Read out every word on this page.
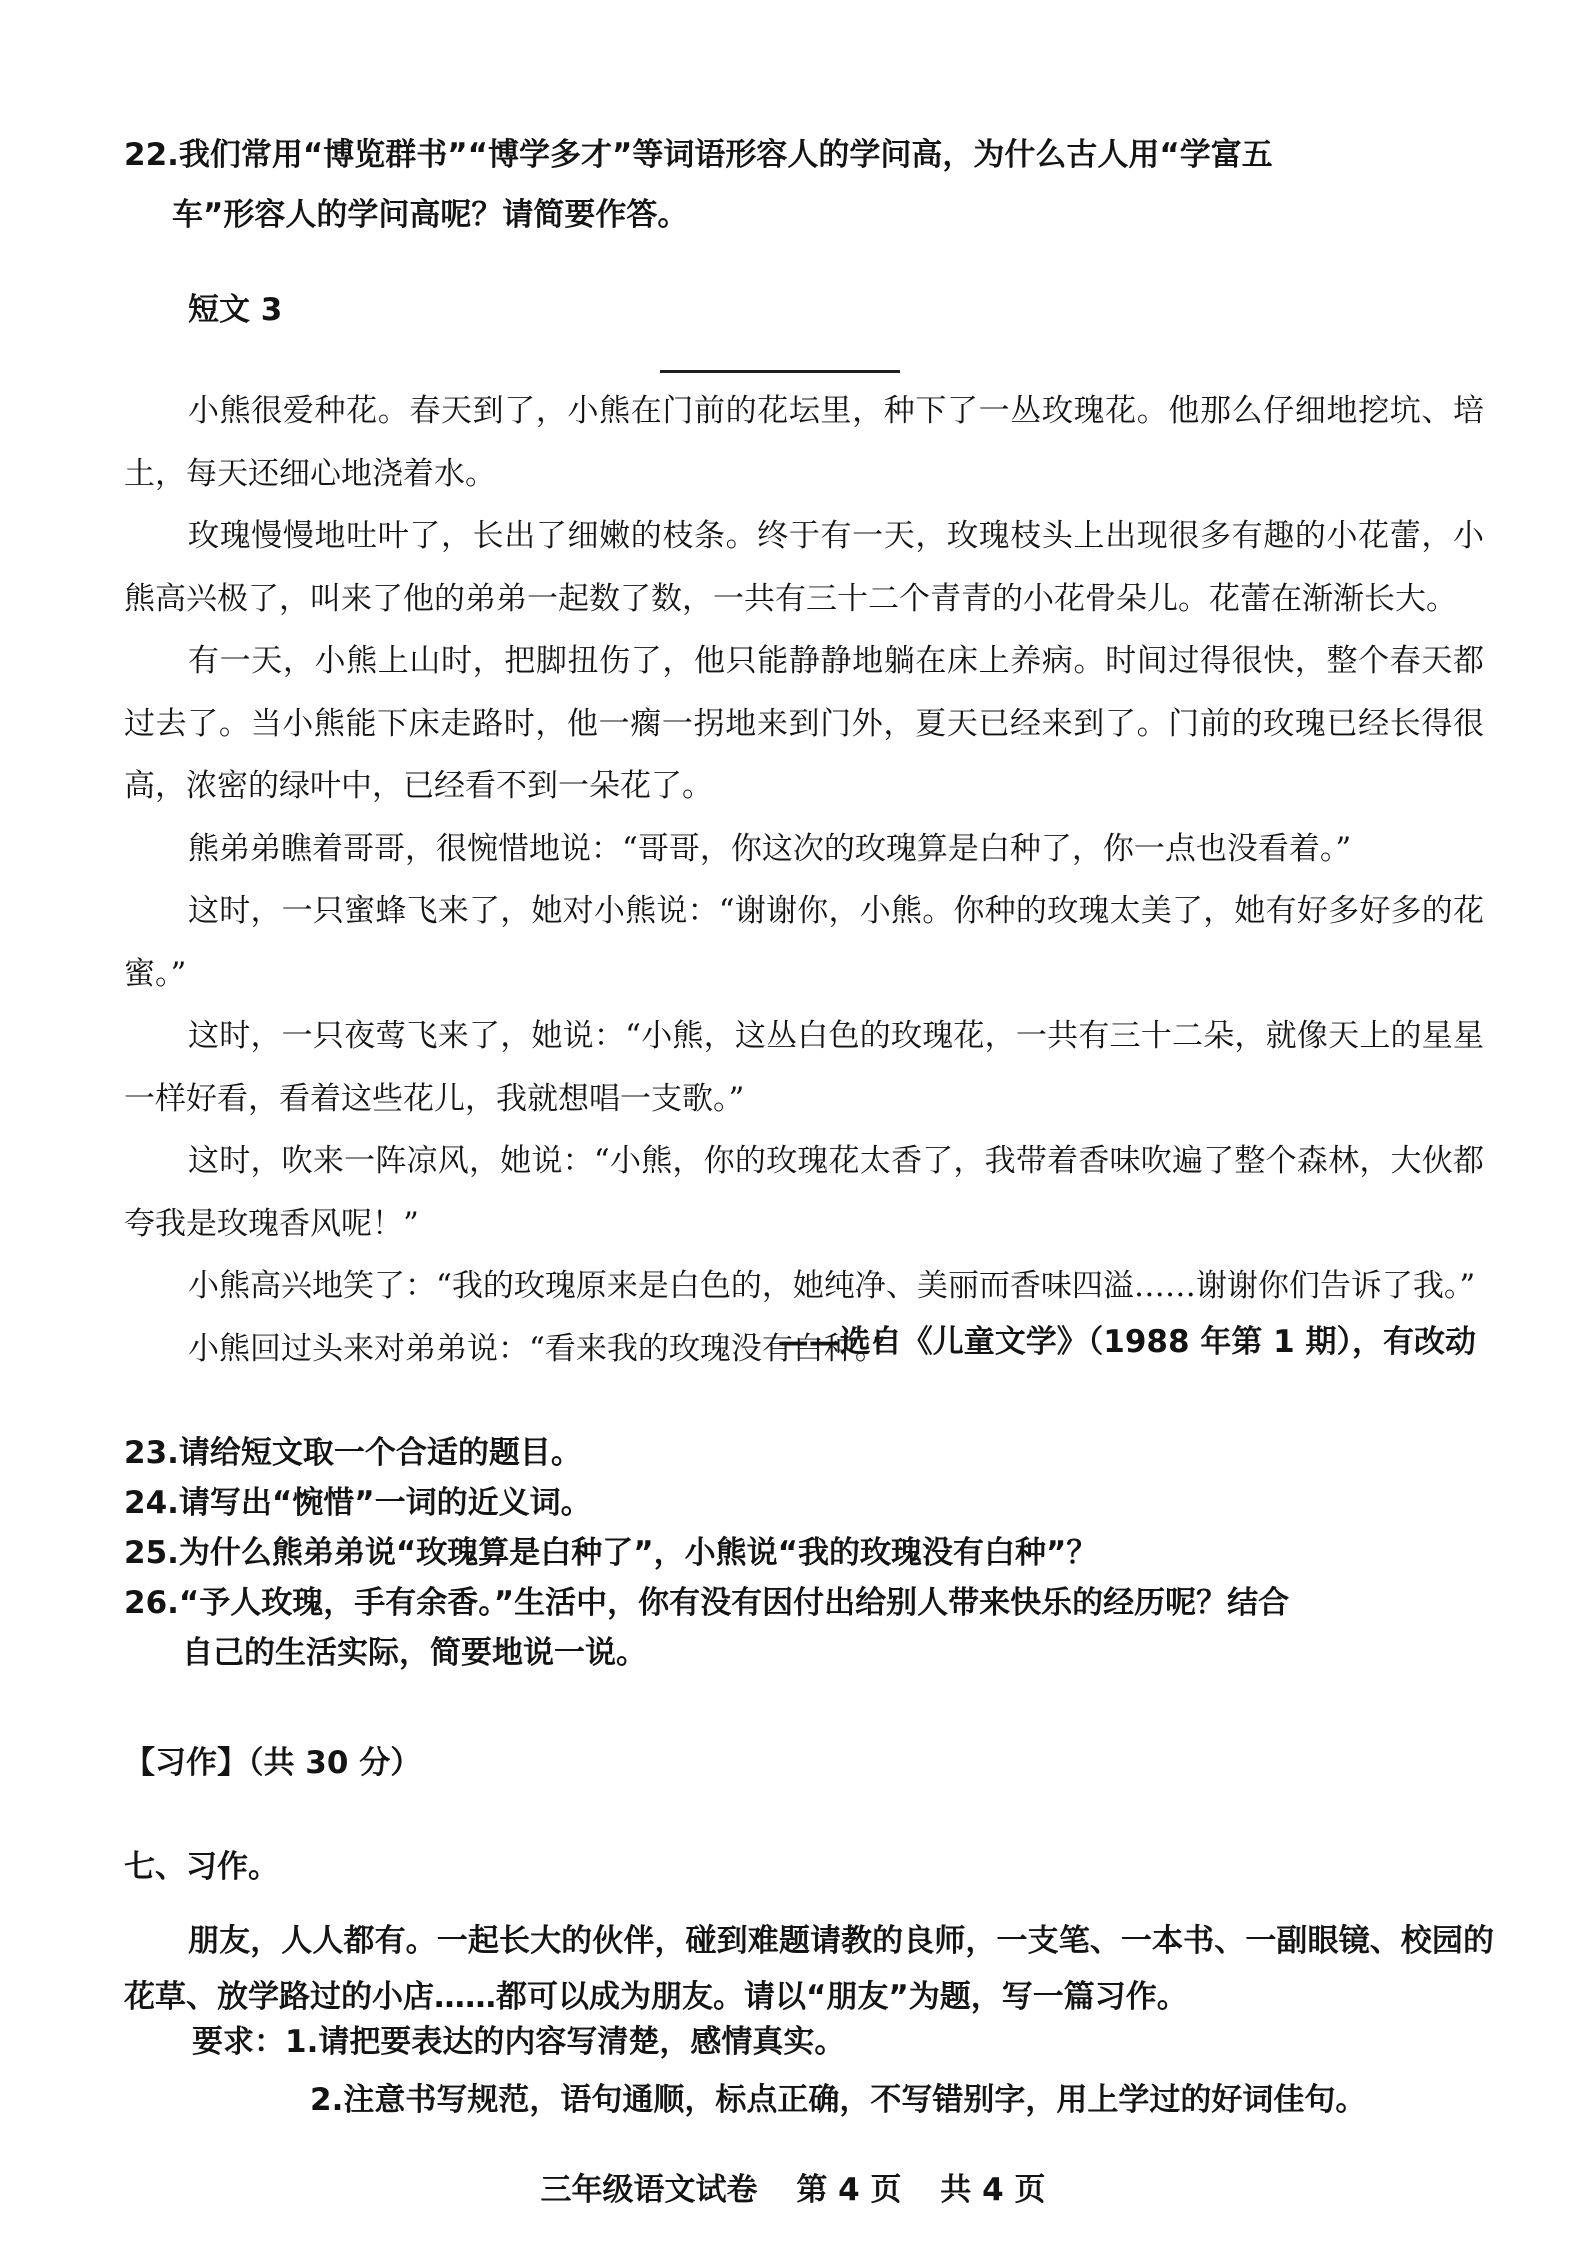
22.我们常用“博览群书”“博学多才”等词语形容人的学问高，为什么古人用“学富五
车”形容人的学问高呢？请简要作答。
短文 3

小熊很爱种花。春天到了，小熊在门前的花坛里，种下了一丛玫瑰花。他那么仔细地挖坑、培土，每天还细心地浇着水。

玫瑰慢慢地吐叶了，长出了细嫩的枝条。终于有一天，玫瑰枝头上出现很多有趣的小花蕾，小熊高兴极了，叫来了他的弟弟一起数了数，一共有三十二个青青的小花骨朵儿。花蕾在渐渐长大。

有一天，小熊上山时，把脚扭伤了，他只能静静地躺在床上养病。时间过得很快，整个春天都过去了。当小熊能下床走路时，他一瘸一拐地来到门外，夏天已经来到了。门前的玫瑰已经长得很高，浓密的绿叶中，已经看不到一朵花了。

熊弟弟瞧着哥哥，很惋惜地说：“哥哥，你这次的玫瑰算是白种了，你一点也没看着。”

这时，一只蜜蜂飞来了，她对小熊说：“谢谢你，小熊。你种的玫瑰太美了，她有好多好多的花蜜。”

这时，一只夜莺飞来了，她说：“小熊，这丛白色的玫瑰花，一共有三十二朵，就像天上的星星一样好看，看着这些花儿，我就想唱一支歌。”

这时，吹来一阵凉风，她说：“小熊，你的玫瑰花太香了，我带着香味吹遍了整个森林，大伙都夸我是玫瑰香风呢！”

小熊高兴地笑了：“我的玫瑰原来是白色的，她纯净、美丽而香味四溢……谢谢你们告诉了我。”

小熊回过头来对弟弟说：“看来我的玫瑰没有白种。”

——选自《儿童文学》（1988 年第 1 期），有改动
23.请给短文取一个合适的题目。
24.请写出“惋惜”一词的近义词。
25.为什么熊弟弟说“玫瑰算是白种了”，小熊说“我的玫瑰没有白种”？
26.“予人玫瑰，手有余香。”生活中，你有没有因付出给别人带来快乐的经历呢？结合
自己的生活实际，简要地说一说。
【习作】（共 30 分）
七、习作。

朋友，人人都有。一起长大的伙伴，碰到难题请教的良师，一支笔、一本书、一副眼镜、校园的花草、放学路过的小店……都可以成为朋友。请以“朋友”为题，写一篇习作。

要求：1.请把要表达的内容写清楚，感情真实。
2.注意书写规范，语句通顺，标点正确，不写错别字，用上学过的好词佳句。
三年级语文试卷 第 4 页 共 4 页
